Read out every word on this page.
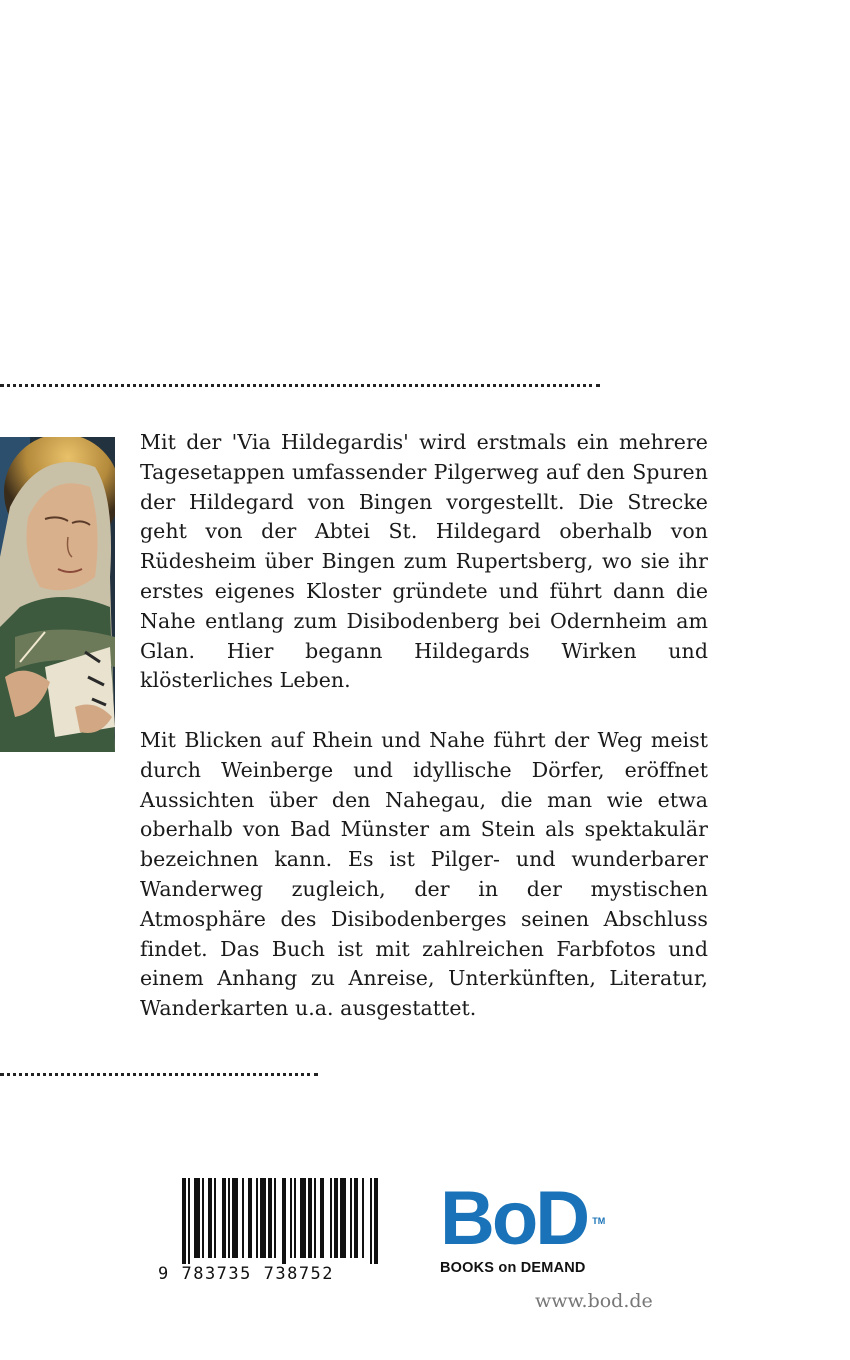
Mit der 'Via Hildegardis' wird erstmals ein mehrere Tagesetappen umfassender Pilgerweg auf den Spuren der Hildegard von Bingen vorgestellt. Die Strecke geht von der Abtei St. Hildegard oberhalb von Rüdesheim über Bingen zum Rupertsberg, wo sie ihr erstes eigenes Kloster gründete und führt dann die Nahe entlang zum Disibodenberg bei Odernheim am Glan. Hier begann Hildegards Wirken und klösterliches Leben.

Mit Blicken auf Rhein und Nahe führt der Weg meist durch Weinberge und idyllische Dörfer, eröffnet Aussichten über den Nahegau, die man wie etwa oberhalb von Bad Münster am Stein als spektakulär bezeichnen kann. Es ist Pilger- und wunderbarer Wanderweg zugleich, der in der mystischen Atmosphäre des Disibodenberges seinen Abschluss findet. Das Buch ist mit zahlreichen Farbfotos und einem Anhang zu Anreise, Unterkünften, Literatur, Wanderkarten u.a. ausgestattet.

9 783735 738752
BoD TM
BOOKS on DEMAND
www.bod.de
